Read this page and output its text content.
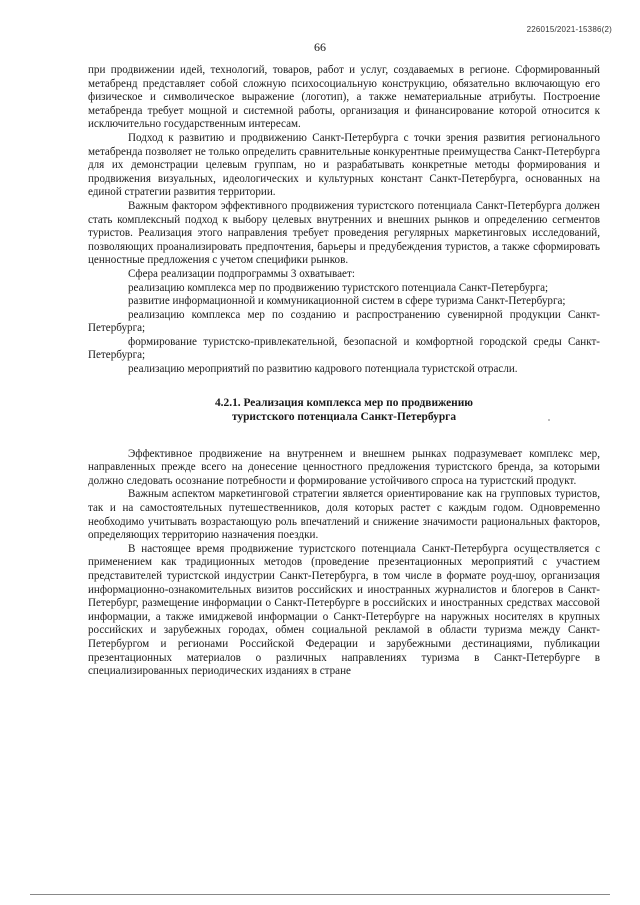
226015/2021-15386(2)
66

при продвижении идей, технологий, товаров, работ и услуг, создаваемых в регионе. Сформированный метабренд представляет собой сложную психосоциальную конструкцию, обязательно включающую его физическое и символическое выражение (логотип), а также нематериальные атрибуты. Построение метабренда требует мощной и системной работы, организация и финансирование которой относится к исключительно государственным интересам.

Подход к развитию и продвижению Санкт-Петербурга с точки зрения развития регионального метабренда позволяет не только определить сравнительные конкурентные преимущества Санкт-Петербурга для их демонстрации целевым группам, но и разрабатывать конкретные методы формирования и продвижения визуальных, идеологических и культурных констант Санкт-Петербурга, основанных на единой стратегии развития территории.

Важным фактором эффективного продвижения туристского потенциала Санкт-Петербурга должен стать комплексный подход к выбору целевых внутренних и внешних рынков и определению сегментов туристов. Реализация этого направления требует проведения регулярных маркетинговых исследований, позволяющих проанализировать предпочтения, барьеры и предубеждения туристов, а также сформировать ценностные предложения с учетом специфики рынков.

Сфера реализации подпрограммы 3 охватывает:

реализацию комплекса мер по продвижению туристского потенциала Санкт-Петербурга;

развитие информационной и коммуникационной систем в сфере туризма Санкт-Петербурга;

реализацию комплекса мер по созданию и распространению сувенирной продукции Санкт-Петербурга;

формирование туристско-привлекательной, безопасной и комфортной городской среды Санкт-Петербурга;

реализацию мероприятий по развитию кадрового потенциала туристской отрасли.

4.2.1. Реализация комплекса мер по продвижению
туристского потенциала Санкт-Петербурга

Эффективное продвижение на внутреннем и внешнем рынках подразумевает комплекс мер, направленных прежде всего на донесение ценностного предложения туристского бренда, за которыми должно следовать осознание потребности и формирование устойчивого спроса на туристский продукт.

Важным аспектом маркетинговой стратегии является ориентирование как на групповых туристов, так и на самостоятельных путешественников, доля которых растет с каждым годом. Одновременно необходимо учитывать возрастающую роль впечатлений и снижение значимости рациональных факторов, определяющих территорию назначения поездки.

В настоящее время продвижение туристского потенциала Санкт-Петербурга осуществляется с применением как традиционных методов (проведение презентационных мероприятий с участием представителей туристской индустрии Санкт-Петербурга, в том числе в формате роуд-шоу, организация информационно-ознакомительных визитов российских и иностранных журналистов и блогеров в Санкт-Петербург, размещение информации о Санкт-Петербурге в российских и иностранных средствах массовой информации, а также имиджевой информации о Санкт-Петербурге на наружных носителях в крупных российских и зарубежных городах, обмен социальной рекламой в области туризма между Санкт-Петербургом и регионами Российской Федерации и зарубежными дестинациями, публикации презентационных материалов о различных направлениях туризма в Санкт-Петербурге в специализированных периодических изданиях в стране
